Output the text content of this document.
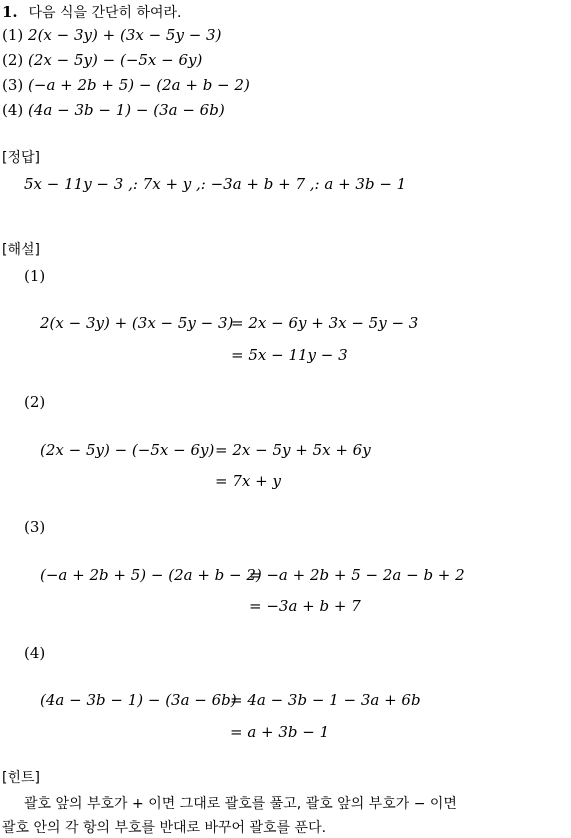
1. 다음 식을 간단히 하여라.
(1) 2(x − 3y) + (3x − 5y − 3)
(2) (2x − 5y) − (−5x − 6y)
(3) (−a + 2b + 5) − (2a + b − 2)
(4) (4a − 3b − 1) − (3a − 6b)
[정답]
5x − 11y − 3 ,: 7x + y ,: −3a + b + 7 ,: a + 3b − 1
[해설]
(1)
2(x − 3y) + (3x − 5y − 3)
= 2x − 6y + 3x − 5y − 3
= 5x − 11y − 3
(2)
(2x − 5y) − (−5x − 6y) = 2x − 5y + 5x + 6y
= 7x + y
(3)
(−a + 2b + 5) − (2a + b − 2)
= −a + 2b + 5 − 2a − b + 2
= −3a + b + 7
(4)
(4a − 3b − 1) − (3a − 6b)
= 4a − 3b − 1 − 3a + 6b
= a + 3b − 1
[힌트]
괄호 앞의 부호가 + 이면 그대로 괄호를 풀고, 괄호 앞의 부호가 − 이면
괄호 안의 각 항의 부호를 반대로 바꾸어 괄호를 푼다.
